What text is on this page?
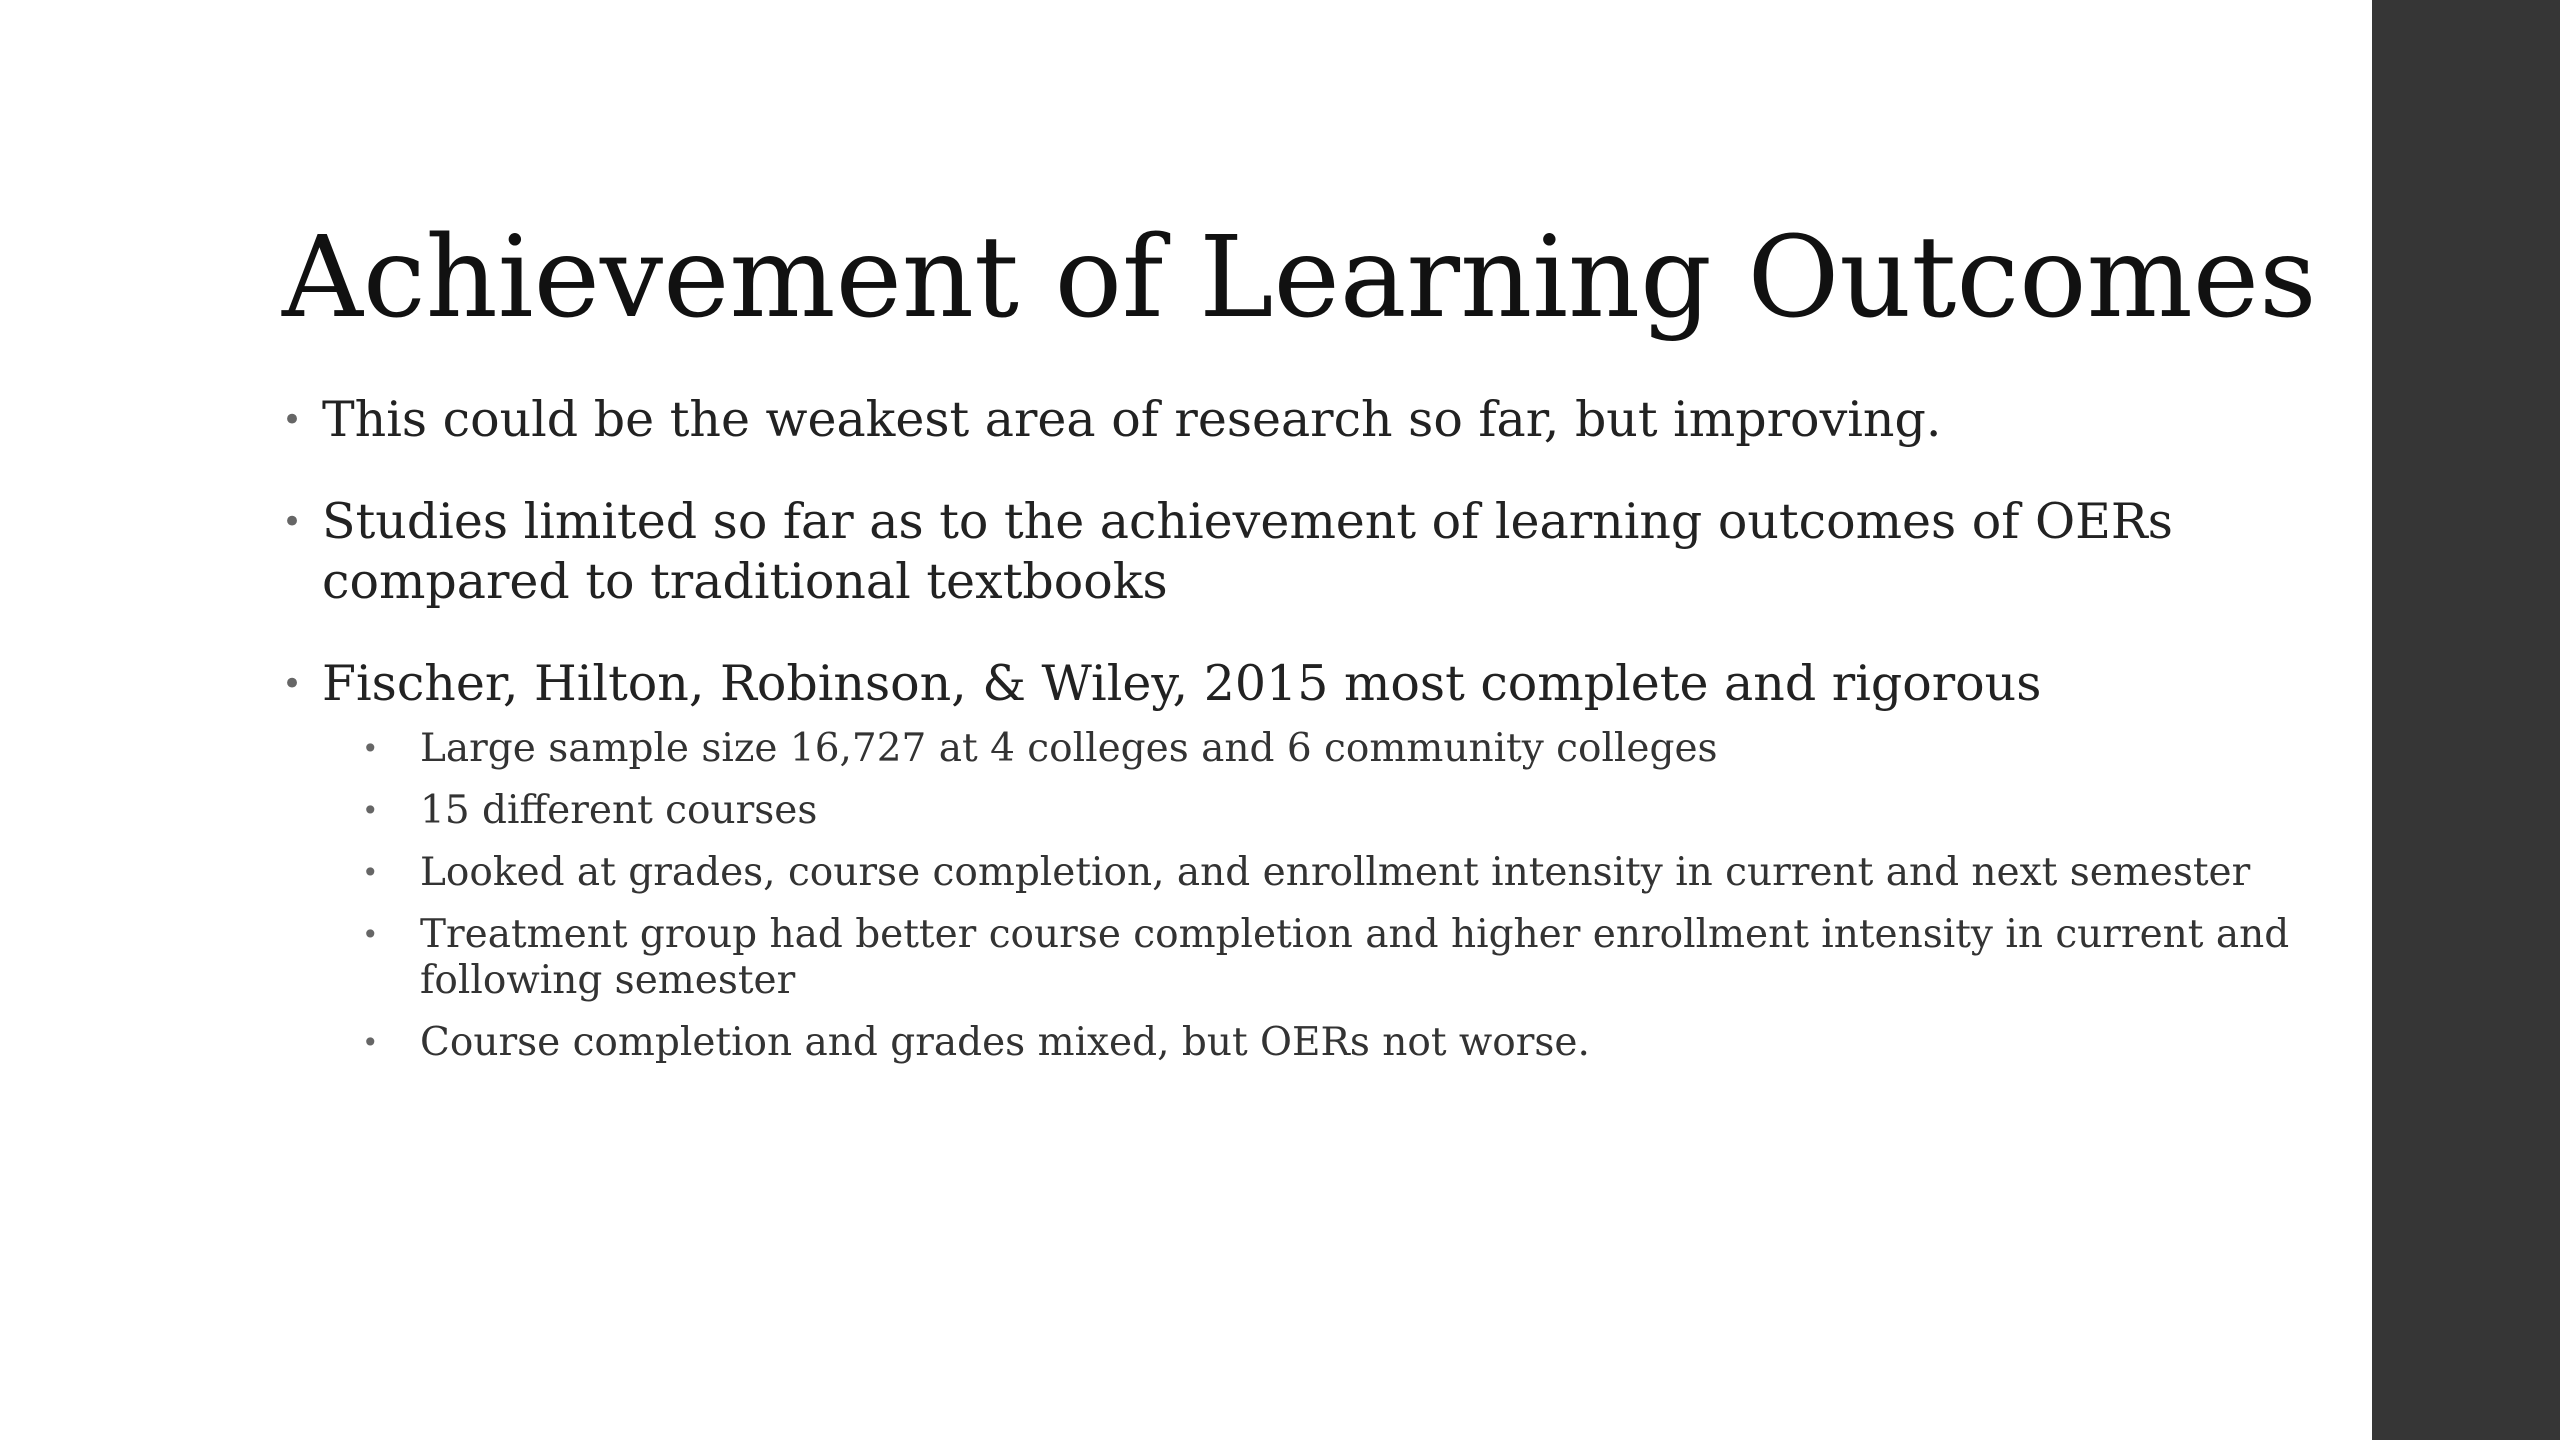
Achievement of Learning Outcomes
• This could be the weakest area of research so far, but improving.
• Studies limited so far as to the achievement of learning outcomes of OERs compared to traditional textbooks
• Fischer, Hilton, Robinson, & Wiley, 2015 most complete and rigorous
•	Large sample size 16,727 at 4 colleges and 6 community colleges
•	15 different courses
•	Looked at grades, course completion, and enrollment intensity in current and next semester
•	Treatment group had better course completion and higher enrollment intensity in current and following semester
•	Course completion and grades mixed, but OERs not worse.
